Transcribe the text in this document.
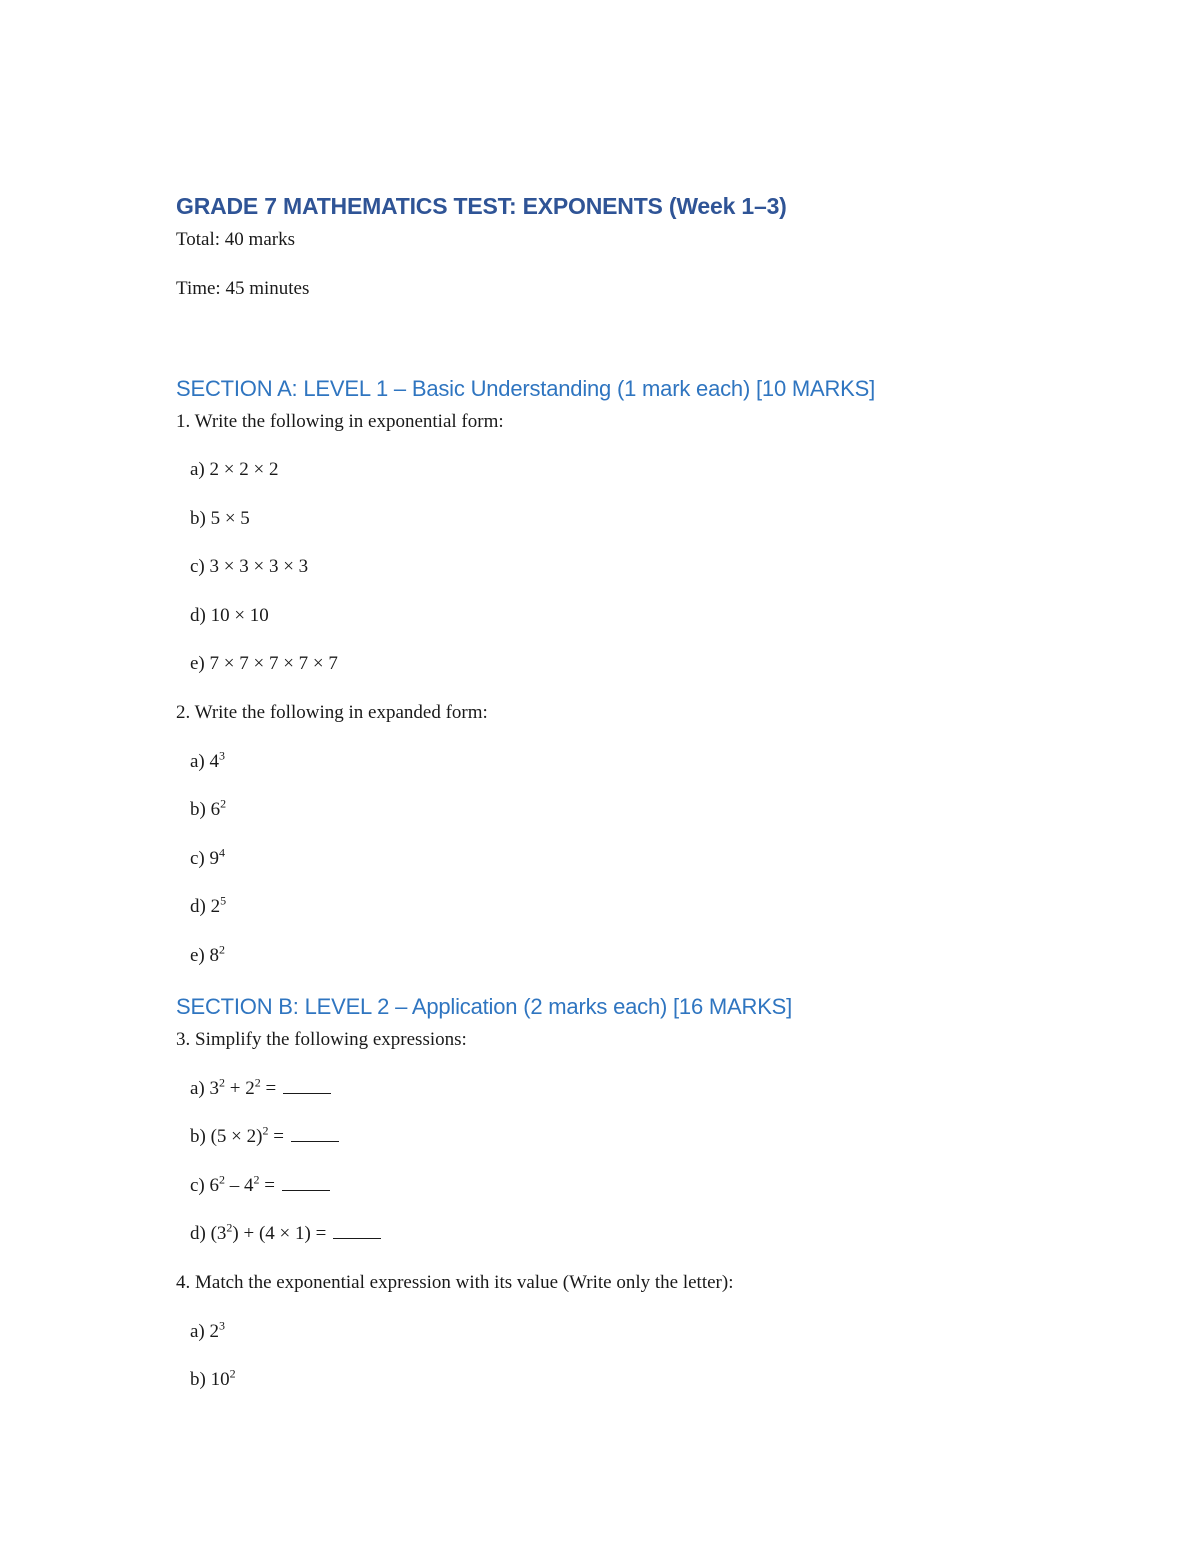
GRADE 7 MATHEMATICS TEST: EXPONENTS (Week 1–3)
Total: 40 marks
Time: 45 minutes
SECTION A: LEVEL 1 – Basic Understanding (1 mark each) [10 MARKS]
1. Write the following in exponential form:
a) 2 × 2 × 2
b) 5 × 5
c) 3 × 3 × 3 × 3
d) 10 × 10
e) 7 × 7 × 7 × 7 × 7
2. Write the following in expanded form:
a) $4^3$
b) $6^2$
c) $9^4$
d) $2^5$
e) $8^2$
SECTION B: LEVEL 2 – Application (2 marks each) [16 MARKS]
3. Simplify the following expressions:
a) $3^2 + 2^2$ =
b) $(5 \times 2)^2$ =
c) $6^2 - 4^2$ =
d) $(3^2) + (4 \times 1)$ =
4. Match the exponential expression with its value (Write only the letter):
a) $2^3$
b) $10^2$
